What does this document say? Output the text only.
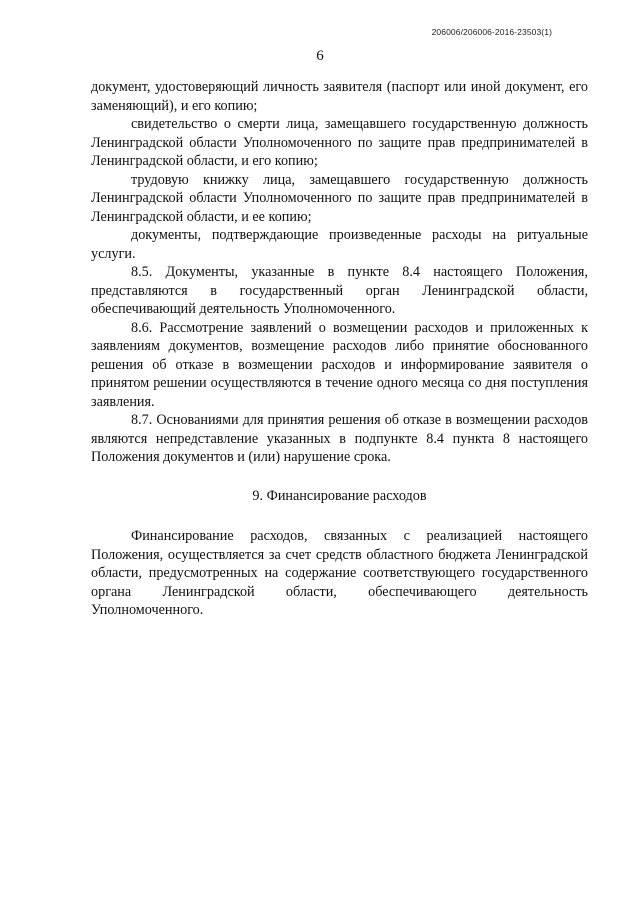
206006/206006-2016-23503(1)
6

документ, удостоверяющий личность заявителя (паспорт или иной документ, его заменяющий), и его копию;

свидетельство о смерти лица, замещавшего государственную должность Ленинградской области Уполномоченного по защите прав предпринимателей в Ленинградской области, и его копию;

трудовую книжку лица, замещавшего государственную должность Ленинградской области Уполномоченного по защите прав предпринимателей в Ленинградской области, и ее копию;

документы, подтверждающие произведенные расходы на ритуальные услуги.

8.5. Документы, указанные в пункте 8.4 настоящего Положения, представляются в государственный орган Ленинградской области, обеспечивающий деятельность Уполномоченного.

8.6. Рассмотрение заявлений о возмещении расходов и приложенных к заявлениям документов, возмещение расходов либо принятие обоснованного решения об отказе в возмещении расходов и информирование заявителя о принятом решении осуществляются в течение одного месяца со дня поступления заявления.

8.7. Основаниями для принятия решения об отказе в возмещении расходов являются непредставление указанных в подпункте 8.4 пункта 8 настоящего Положения документов и (или) нарушение срока.

9. Финансирование расходов

Финансирование расходов, связанных с реализацией настоящего Положения, осуществляется за счет средств областного бюджета Ленинградской области, предусмотренных на содержание соответствующего государственного органа Ленинградской области, обеспечивающего деятельность Уполномоченного.
